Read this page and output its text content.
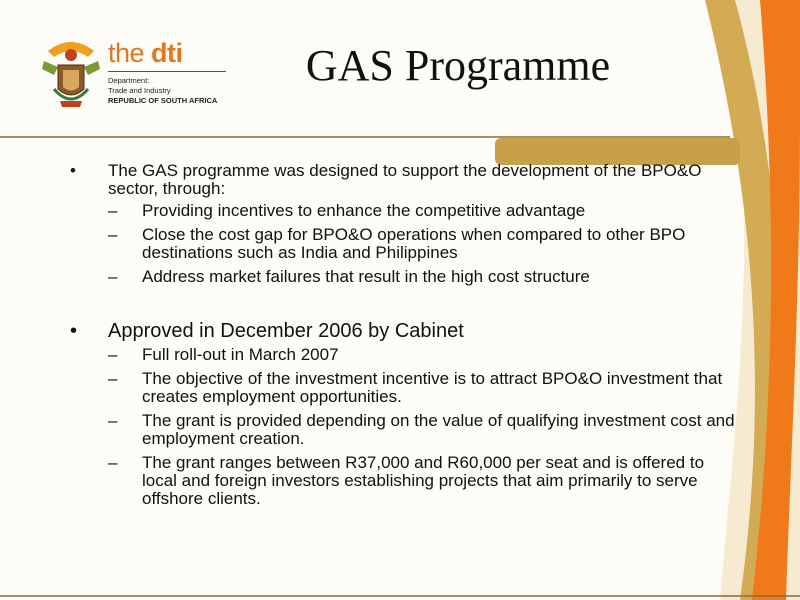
the dti
Department:
Trade and Industry
REPUBLIC OF SOUTH AFRICA
GAS Programme
• The GAS programme was designed to support the development of the BPO&O sector, through:
– Providing incentives to enhance the competitive advantage
– Close the cost gap for BPO&O operations when compared to other BPO destinations such as India and Philippines
– Address market failures that result in the high cost structure
• Approved in December 2006 by Cabinet
– Full roll-out in March 2007
– The objective of the investment incentive is to attract BPO&O investment that creates employment opportunities.
– The grant is provided depending on the value of qualifying investment cost and employment creation.
– The grant ranges between R37,000 and R60,000 per seat and is offered to local and foreign investors establishing projects that aim primarily to serve offshore clients.
